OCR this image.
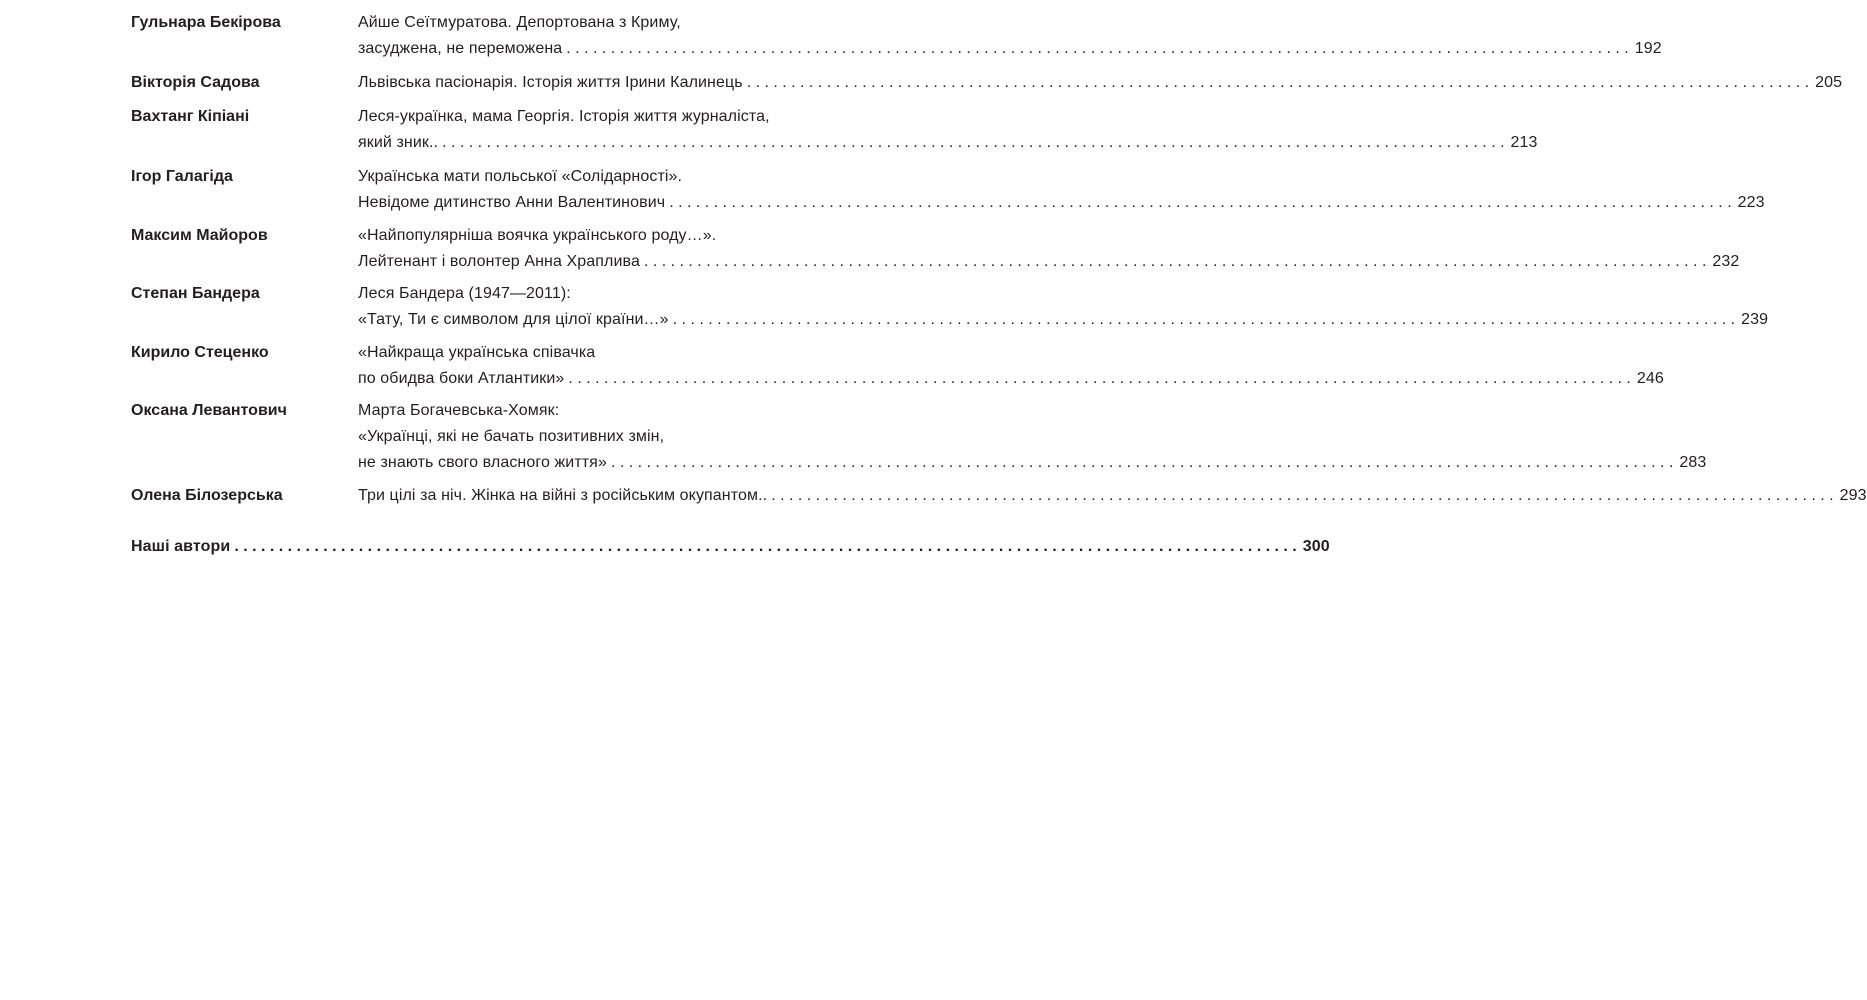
Гульнара Бекірова	Айше Сеїтмуратова. Депортована з Криму,
засуджена, не переможена . . . . . . . . . . . . . . . . . . . . . . . . . . . . . . . . . . . . . . . . . . . . . . . . . . . . . . . . . . . . . . . . . . . . . . . . . . . . . . . . . . . . . . . . . . . . . . . . . . . . . . . . . . . . . . . . . . . . . . . . 192
Вікторія Садова	Львівська пасіонарія. Історія життя Ірини Калинець . . . . . . . . . . . . . . . . . . . . . . . . . . . . . . . . . . . . . . . . . . . . . . . . . . . . . . . . . . . . . . . . . . . . . . . . . . . . . . . . . . . . . . . . . . . . . . . . . . . . . . . . . . . . . . . . . . . . . . . . 205
Вахтанг Кіпіані	Леся-українка, мама Георгія. Історія життя журналіста,
який зник.. . . . . . . . . . . . . . . . . . . . . . . . . . . . . . . . . . . . . . . . . . . . . . . . . . . . . . . . . . . . . . . . . . . . . . . . . . . . . . . . . . . . . . . . . . . . . . . . . . . . . . . . . . . . . . . . . . . . . . . . . 213
Ігор Галагіда	Українська мати польської «Солідарності».
Невідоме дитинство Анни Валентинович . . . . . . . . . . . . . . . . . . . . . . . . . . . . . . . . . . . . . . . . . . . . . . . . . . . . . . . . . . . . . . . . . . . . . . . . . . . . . . . . . . . . . . . . . . . . . . . . . . . . . . . . . . . . . . . . . . . . . . . . 223
Максим Майоров	«Найпопулярніша воячка українського роду…».
Лейтенант і волонтер Анна Храплива . . . . . . . . . . . . . . . . . . . . . . . . . . . . . . . . . . . . . . . . . . . . . . . . . . . . . . . . . . . . . . . . . . . . . . . . . . . . . . . . . . . . . . . . . . . . . . . . . . . . . . . . . . . . . . . . . . . . . . . . 232
Степан Бандера	Леся Бандера (1947—2011):
«Тату, Ти є символом для цілої країни…» . . . . . . . . . . . . . . . . . . . . . . . . . . . . . . . . . . . . . . . . . . . . . . . . . . . . . . . . . . . . . . . . . . . . . . . . . . . . . . . . . . . . . . . . . . . . . . . . . . . . . . . . . . . . . . . . . . . . . . . . 239
Кирило Стеценко	«Найкраща українська співачка
по обидва боки Атлантики» . . . . . . . . . . . . . . . . . . . . . . . . . . . . . . . . . . . . . . . . . . . . . . . . . . . . . . . . . . . . . . . . . . . . . . . . . . . . . . . . . . . . . . . . . . . . . . . . . . . . . . . . . . . . . . . . . . . . . . . . 246
Оксана Левантович	Марта Богачевська-Хомяк:
«Українці, які не бачать позитивних змін,
не знають свого власного життя» . . . . . . . . . . . . . . . . . . . . . . . . . . . . . . . . . . . . . . . . . . . . . . . . . . . . . . . . . . . . . . . . . . . . . . . . . . . . . . . . . . . . . . . . . . . . . . . . . . . . . . . . . . . . . . . . . . . . . . . . 283
Олена Білозерська	Три цілі за ніч. Жінка на війні з російським окупантом.. . . . . . . . . . . . . . . . . . . . . . . . . . . . . . . . . . . . . . . . . . . . . . . . . . . . . . . . . . . . . . . . . . . . . . . . . . . . . . . . . . . . . . . . . . . . . . . . . . . . . . . . . . . . . . . . . . . . . . . . . 293
Наші автори . . . . . . . . . . . . . . . . . . . . . . . . . . . . . . . . . . . . . . . . . . . . . . . . . . . . . . . . . . . . . . . . . . . . . . . . . . . . . . . . . . . . . . . . . . . . . . . . . . . . . . . . . . . . . . . . . . . . . . . . 300
